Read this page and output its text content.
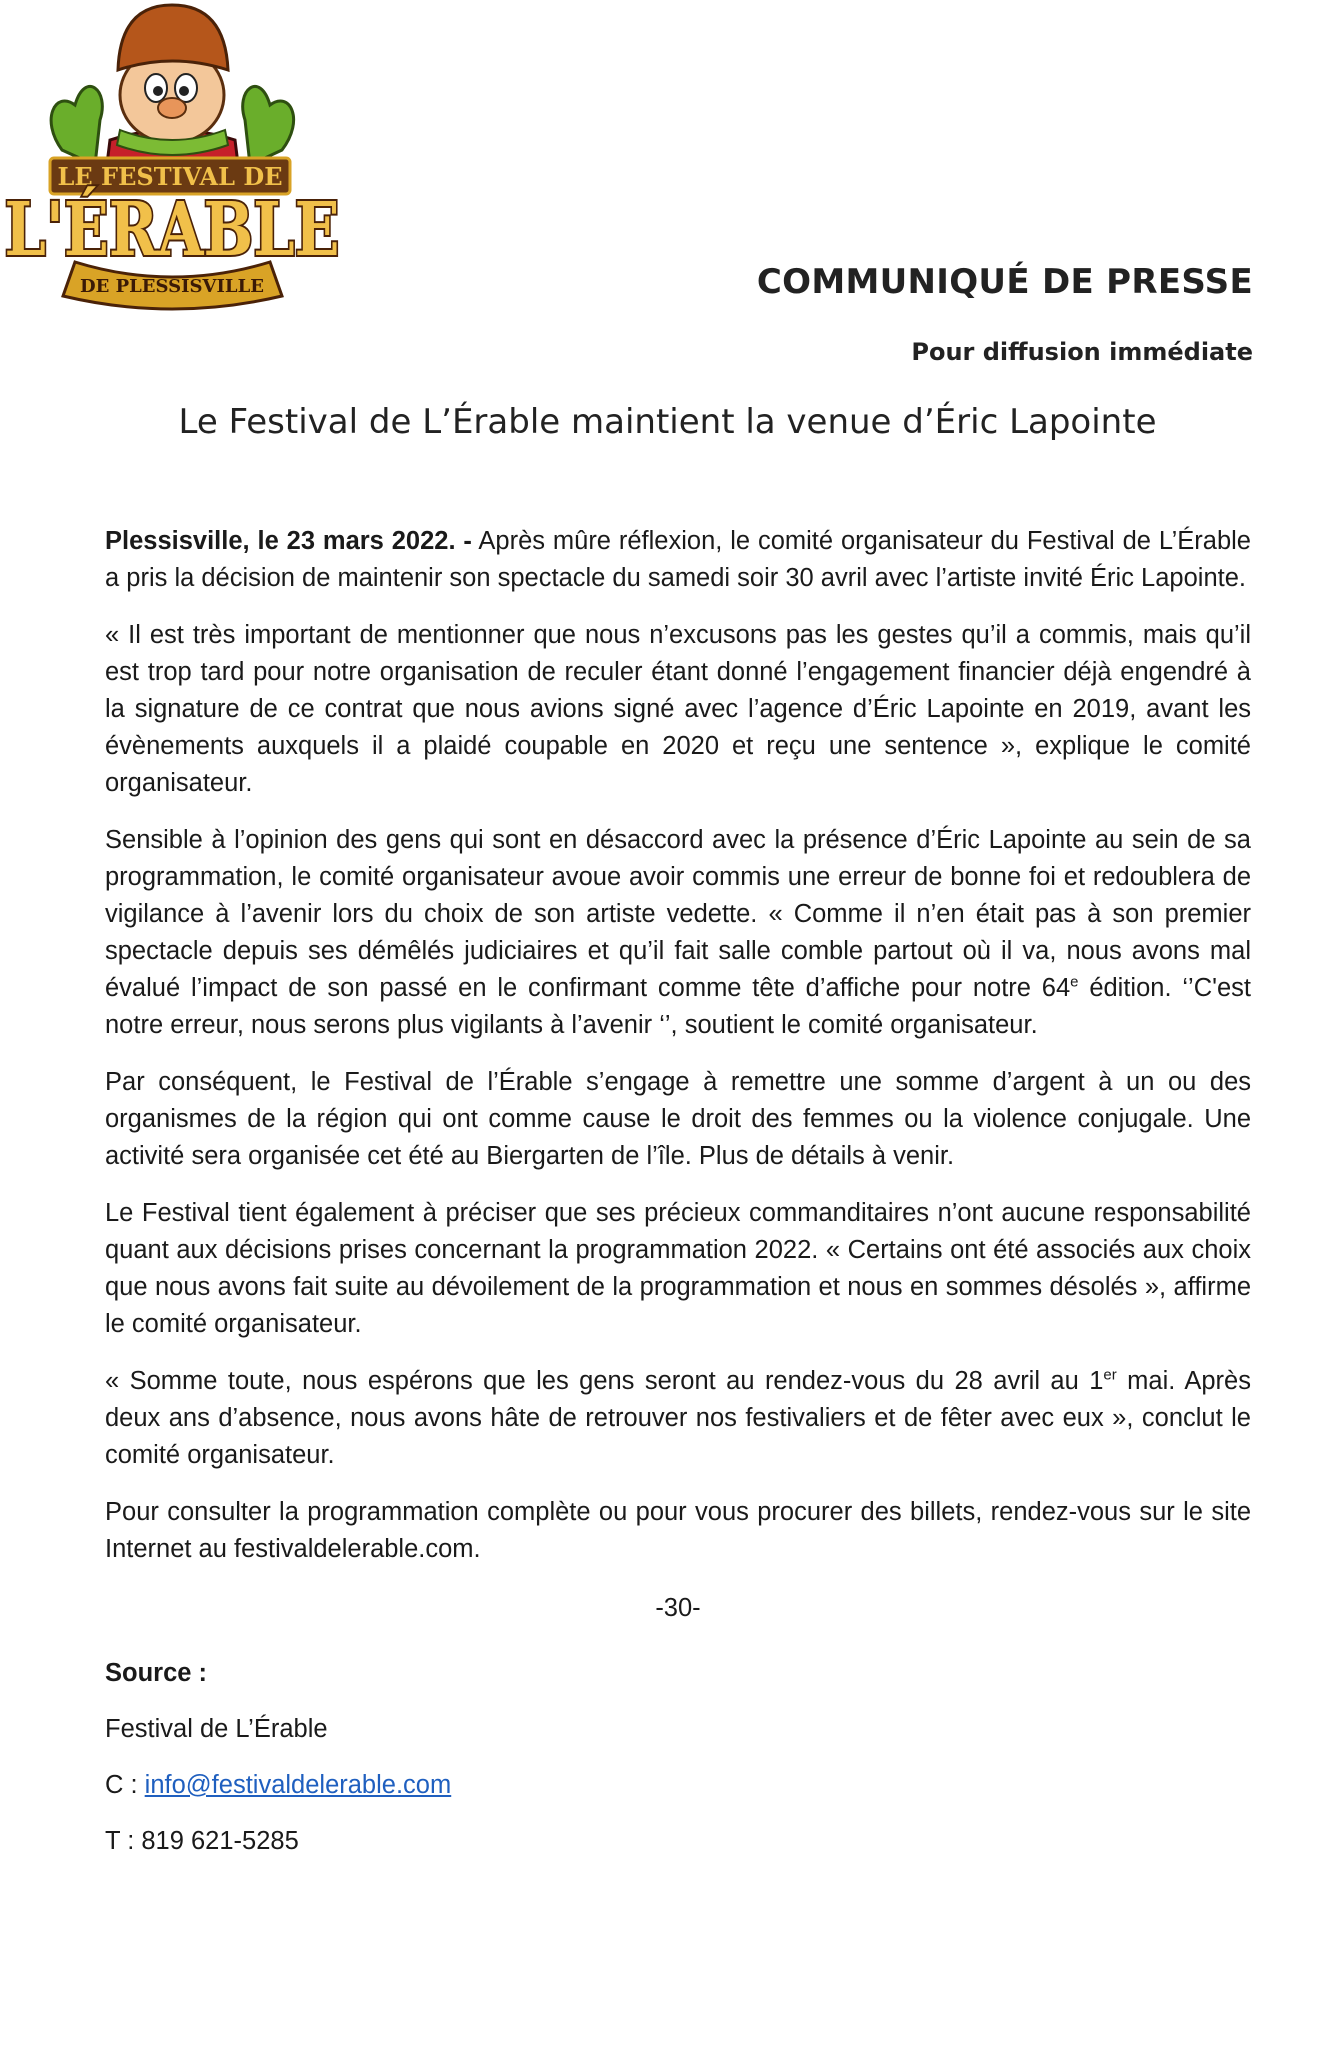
LE FESTIVAL DE
L'ÉRABLE
DE PLESSISVILLE	COMMUNIQUÉ DE PRESSE
Pour diffusion immédiate
Le Festival de L’Érable maintient la venue d’Éric Lapointe

Plessisville, le 23 mars 2022. - Après mûre réflexion, le comité organisateur du Festival de L’Érable a pris la décision de maintenir son spectacle du samedi soir 30 avril avec l’artiste invité Éric Lapointe.

« Il est très important de mentionner que nous n’excusons pas les gestes qu’il a commis, mais qu’il est trop tard pour notre organisation de reculer étant donné l’engagement financier déjà engendré à la signature de ce contrat que nous avions signé avec l’agence d’Éric Lapointe en 2019, avant les évènements auxquels il a plaidé coupable en 2020 et reçu une sentence », explique le comité organisateur.

Sensible à l’opinion des gens qui sont en désaccord avec la présence d’Éric Lapointe au sein de sa programmation, le comité organisateur avoue avoir commis une erreur de bonne foi et redoublera de vigilance à l’avenir lors du choix de son artiste vedette. « Comme il n’en était pas à son premier spectacle depuis ses démêlés judiciaires et qu’il fait salle comble partout où il va, nous avons mal évalué l’impact de son passé en le confirmant comme tête d’affiche pour notre 64e édition. ‘’C'est notre erreur, nous serons plus vigilants à l’avenir ‘’, soutient le comité organisateur.

Par conséquent, le Festival de l’Érable s’engage à remettre une somme d’argent à un ou des organismes de la région qui ont comme cause le droit des femmes ou la violence conjugale. Une activité sera organisée cet été au Biergarten de l’île. Plus de détails à venir.

Le Festival tient également à préciser que ses précieux commanditaires n’ont aucune responsabilité quant aux décisions prises concernant la programmation 2022. « Certains ont été associés aux choix que nous avons fait suite au dévoilement de la programmation et nous en sommes désolés », affirme le comité organisateur.

« Somme toute, nous espérons que les gens seront au rendez-vous du 28 avril au 1er mai. Après deux ans d’absence, nous avons hâte de retrouver nos festivaliers et de fêter avec eux », conclut le comité organisateur.

Pour consulter la programmation complète ou pour vous procurer des billets, rendez-vous sur le site Internet au festivaldelerable.com.

-30-

Source :
Festival de L’Érable
C : info@festivaldelerable.com
T : 819 621-5285
